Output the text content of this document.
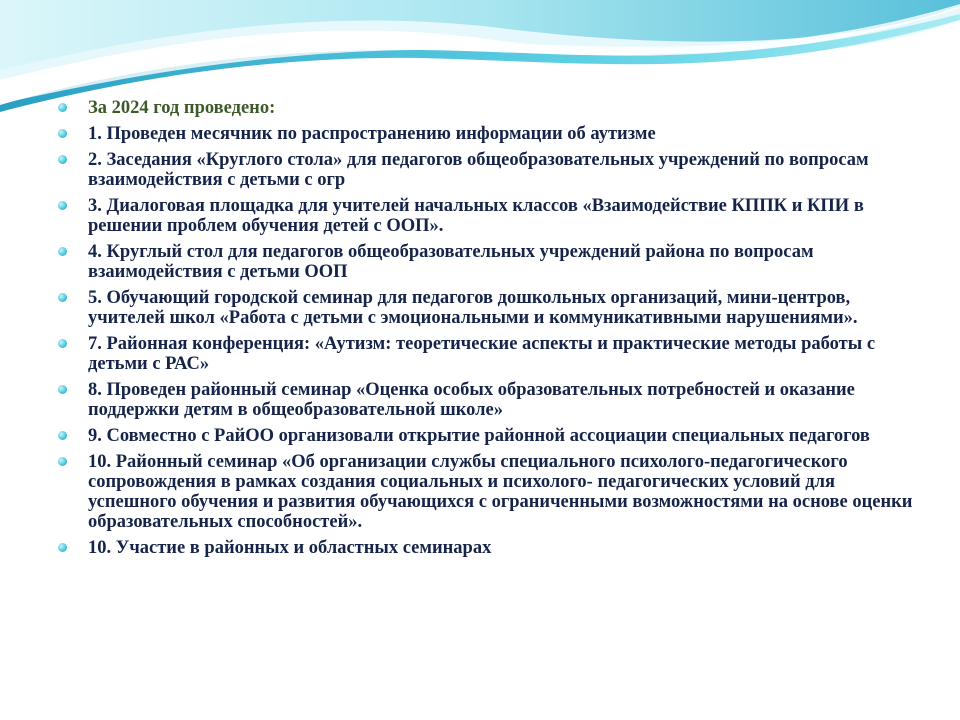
За 2024 год проведено:
1. Проведен месячник по распространению информации об аутизме
2. Заседания «Круглого стола» для педагогов общеобразовательных учреждений по вопросам взаимодействия с детьми с огр
3. Диалоговая площадка для учителей начальных классов «Взаимодействие КППК и КПИ в решении проблем обучения детей с ООП».
4. Круглый стол для педагогов общеобразовательных учреждений района по вопросам взаимодействия с детьми ООП
5. Обучающий городской семинар для педагогов дошкольных организаций, мини-центров, учителей школ «Работа с детьми с эмоциональными и коммуникативными нарушениями».
7. Районная конференция: «Аутизм: теоретические аспекты и практические методы работы с детьми с РАС»
8. Проведен районный семинар «Оценка особых образовательных потребностей и оказание поддержки детям в общеобразовательной школе»
9. Совместно с РайОО организовали открытие районной ассоциации специальных педагогов
10. Районный семинар «Об организации службы специального психолого-педагогического сопровождения в рамках создания социальных и психолого- педагогических условий для успешного обучения и развития обучающихся с ограниченными возможностями на основе оценки образовательных способностей».
10. Участие в районных и областных семинарах
